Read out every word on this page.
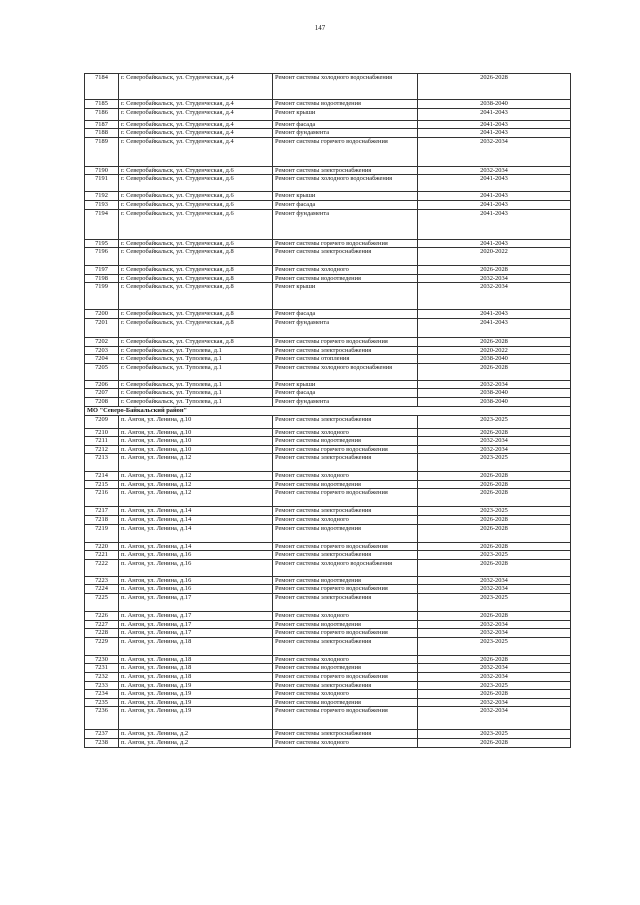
147
7184	г. Северобайкальск, ул. Студенческая, д.4	Ремонт системы холодного водоснабжения	2026-2028
7185	г. Северобайкальск, ул. Студенческая, д.4	Ремонт системы водоотведения	2038-2040
7186	г. Северобайкальск, ул. Студенческая, д.4	Ремонт крыши	2041-2043
7187	г. Северобайкальск, ул. Студенческая, д.4	Ремонт фасада	2041-2043
7188	г. Северобайкальск, ул. Студенческая, д.4	Ремонт фундамента	2041-2043
7189	г. Северобайкальск, ул. Студенческая, д.4	Ремонт системы горячего водоснабжения	2032-2034
7190	г. Северобайкальск, ул. Студенческая, д.6	Ремонт системы электроснабжения	2032-2034
7191	г. Северобайкальск, ул. Студенческая, д.6	Ремонт системы холодного водоснабжения	2041-2043
7192	г. Северобайкальск, ул. Студенческая, д.6	Ремонт крыши	2041-2043
7193	г. Северобайкальск, ул. Студенческая, д.6	Ремонт фасада	2041-2043
7194	г. Северобайкальск, ул. Студенческая, д.6	Ремонт фундамента	2041-2043
7195	г. Северобайкальск, ул. Студенческая, д.6	Ремонт системы горячего водоснабжения	2041-2043
7196	г. Северобайкальск, ул. Студенческая, д.8	Ремонт системы электроснабжения	2020-2022
7197	г. Северобайкальск, ул. Студенческая, д.8	Ремонт системы холодного	2026-2028
7198	г. Северобайкальск, ул. Студенческая, д.8	Ремонт системы водоотведения	2032-2034
7199	г. Северобайкальск, ул. Студенческая, д.8	Ремонт крыши	2032-2034
7200	г. Северобайкальск, ул. Студенческая, д.8	Ремонт фасада	2041-2043
7201	г. Северобайкальск, ул. Студенческая, д.8	Ремонт фундамента	2041-2043
7202	г. Северобайкальск, ул. Студенческая, д.8	Ремонт системы горячего водоснабжения	2026-2028
7203	г. Северобайкальск, ул. Туполева, д.1	Ремонт системы электроснабжения	2020-2022
7204	г. Северобайкальск, ул. Туполева, д.1	Ремонт системы отопления	2038-2040
7205	г. Северобайкальск, ул. Туполева, д.1	Ремонт системы холодного водоснабжения	2026-2028
7206	г. Северобайкальск, ул. Туполева, д.1	Ремонт крыши	2032-2034
7207	г. Северобайкальск, ул. Туполева, д.1	Ремонт фасада	2038-2040
7208	г. Северобайкальск, ул. Туполева, д.1	Ремонт фундамента	2038-2040
МО "Северо-Байкальский район"			
7209	п. Ангоя, ул. Ленина, д.10	Ремонт системы электроснабжения	2023-2025
7210	п. Ангоя, ул. Ленина, д.10	Ремонт системы холодного	2026-2028
7211	п. Ангоя, ул. Ленина, д.10	Ремонт системы водоотведения	2032-2034
7212	п. Ангоя, ул. Ленина, д.10	Ремонт системы горячего водоснабжения	2032-2034
7213	п. Ангоя, ул. Ленина, д.12	Ремонт системы электроснабжения	2023-2025
7214	п. Ангоя, ул. Ленина, д.12	Ремонт системы холодного	2026-2028
7215	п. Ангоя, ул. Ленина, д.12	Ремонт системы водоотведения	2026-2028
7216	п. Ангоя, ул. Ленина, д.12	Ремонт системы горячего водоснабжения	2026-2028
7217	п. Ангоя, ул. Ленина, д.14	Ремонт системы электроснабжения	2023-2025
7218	п. Ангоя, ул. Ленина, д.14	Ремонт системы холодного	2026-2028
7219	п. Ангоя, ул. Ленина, д.14	Ремонт системы водоотведения	2026-2028
7220	п. Ангоя, ул. Ленина, д.14	Ремонт системы горячего водоснабжения	2026-2028
7221	п. Ангоя, ул. Ленина, д.16	Ремонт системы электроснабжения	2023-2025
7222	п. Ангоя, ул. Ленина, д.16	Ремонт системы холодного водоснабжения	2026-2028
7223	п. Ангоя, ул. Ленина, д.16	Ремонт системы водоотведения	2032-2034
7224	п. Ангоя, ул. Ленина, д.16	Ремонт системы горячего водоснабжения	2032-2034
7225	п. Ангоя, ул. Ленина, д.17	Ремонт системы электроснабжения	2023-2025
7226	п. Ангоя, ул. Ленина, д.17	Ремонт системы холодного	2026-2028
7227	п. Ангоя, ул. Ленина, д.17	Ремонт системы водоотведения	2032-2034
7228	п. Ангоя, ул. Ленина, д.17	Ремонт системы горячего водоснабжения	2032-2034
7229	п. Ангоя, ул. Ленина, д.18	Ремонт системы электроснабжения	2023-2025
7230	п. Ангоя, ул. Ленина, д.18	Ремонт системы холодного	2026-2028
7231	п. Ангоя, ул. Ленина, д.18	Ремонт системы водоотведения	2032-2034
7232	п. Ангоя, ул. Ленина, д.18	Ремонт системы горячего водоснабжения	2032-2034
7233	п. Ангоя, ул. Ленина, д.19	Ремонт системы электроснабжения	2023-2025
7234	п. Ангоя, ул. Ленина, д.19	Ремонт системы холодного	2026-2028
7235	п. Ангоя, ул. Ленина, д.19	Ремонт системы водоотведения	2032-2034
7236	п. Ангоя, ул. Ленина, д.19	Ремонт системы горячего водоснабжения	2032-2034
7237	п. Ангоя, ул. Ленина, д.2	Ремонт системы электроснабжения	2023-2025
7238	п. Ангоя, ул. Ленина, д.2	Ремонт системы холодного	2026-2028
